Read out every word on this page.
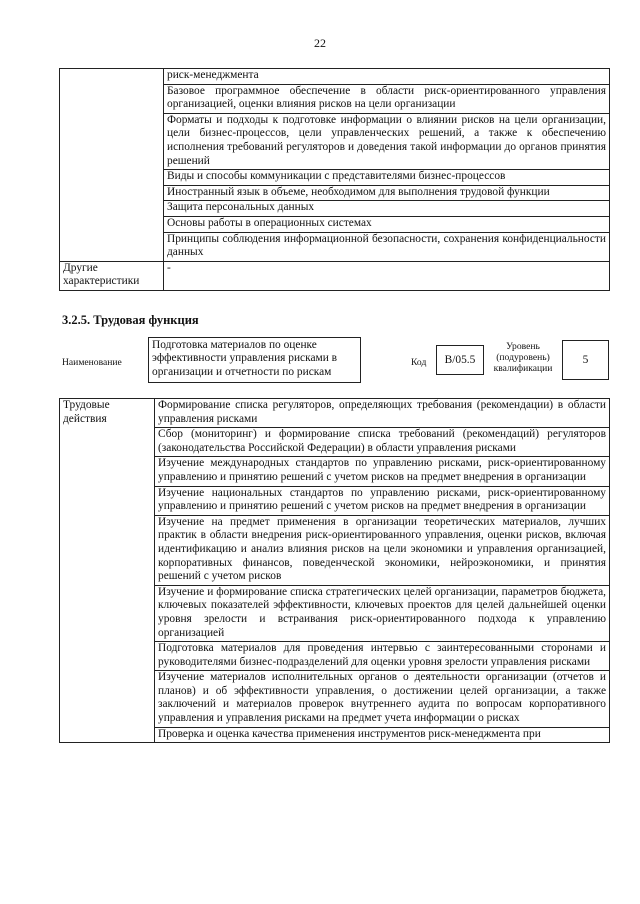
22
	риск-менеджмента
	Базовое программное обеспечение в области риск-ориентированного управления организацией, оценки влияния рисков на цели организации
	Форматы и подходы к подготовке информации о влиянии рисков на цели организации, цели бизнес-процессов, цели управленческих решений, а также к обеспечению исполнения требований регуляторов и доведения такой информации до органов принятия решений
	Виды и способы коммуникации с представителями бизнес-процессов
	Иностранный язык в объеме, необходимом для выполнения трудовой функции
	Защита персональных данных
	Основы работы в операционных системах
	Принципы соблюдения информационной безопасности, сохранения конфиденциальности данных
Другие характеристики	-
3.2.5. Трудовая функция
Наименование
Подготовка материалов по оценке эффективности управления рисками в организации и отчетности по рискам
Код	B/05.5
Уровень (подуровень) квалификации
5
Трудовые действия	Формирование списка регуляторов, определяющих требования (рекомендации) в области управления рисками
Сбор (мониторинг) и формирование списка требований (рекомендаций) регуляторов (законодательства Российской Федерации) в области управления рисками
Изучение международных стандартов по управлению рисками, риск-ориентированному управлению и принятию решений с учетом рисков на предмет внедрения в организации
Изучение национальных стандартов по управлению рисками, риск-ориентированному управлению и принятию решений с учетом рисков на предмет внедрения в организации
Изучение на предмет применения в организации теоретических материалов, лучших практик в области внедрения риск-ориентированного управления, оценки рисков, включая идентификацию и анализ влияния рисков на цели экономики и управления организацией, корпоративных финансов, поведенческой экономики, нейроэкономики, и принятия решений с учетом рисков
Изучение и формирование списка стратегических целей организации, параметров бюджета, ключевых показателей эффективности, ключевых проектов для целей дальнейшей оценки уровня зрелости и встраивания риск-ориентированного подхода к управлению организацией
Подготовка материалов для проведения интервью с заинтересованными сторонами и руководителями бизнес-подразделений для оценки уровня зрелости управления рисками
Изучение материалов исполнительных органов о деятельности организации (отчетов и планов) и об эффективности управления, о достижении целей организации, а также заключений и материалов проверок внутреннего аудита по вопросам корпоративного управления и управления рисками на предмет учета информации о рисках
Проверка и оценка качества применения инструментов риск-менеджмента при
